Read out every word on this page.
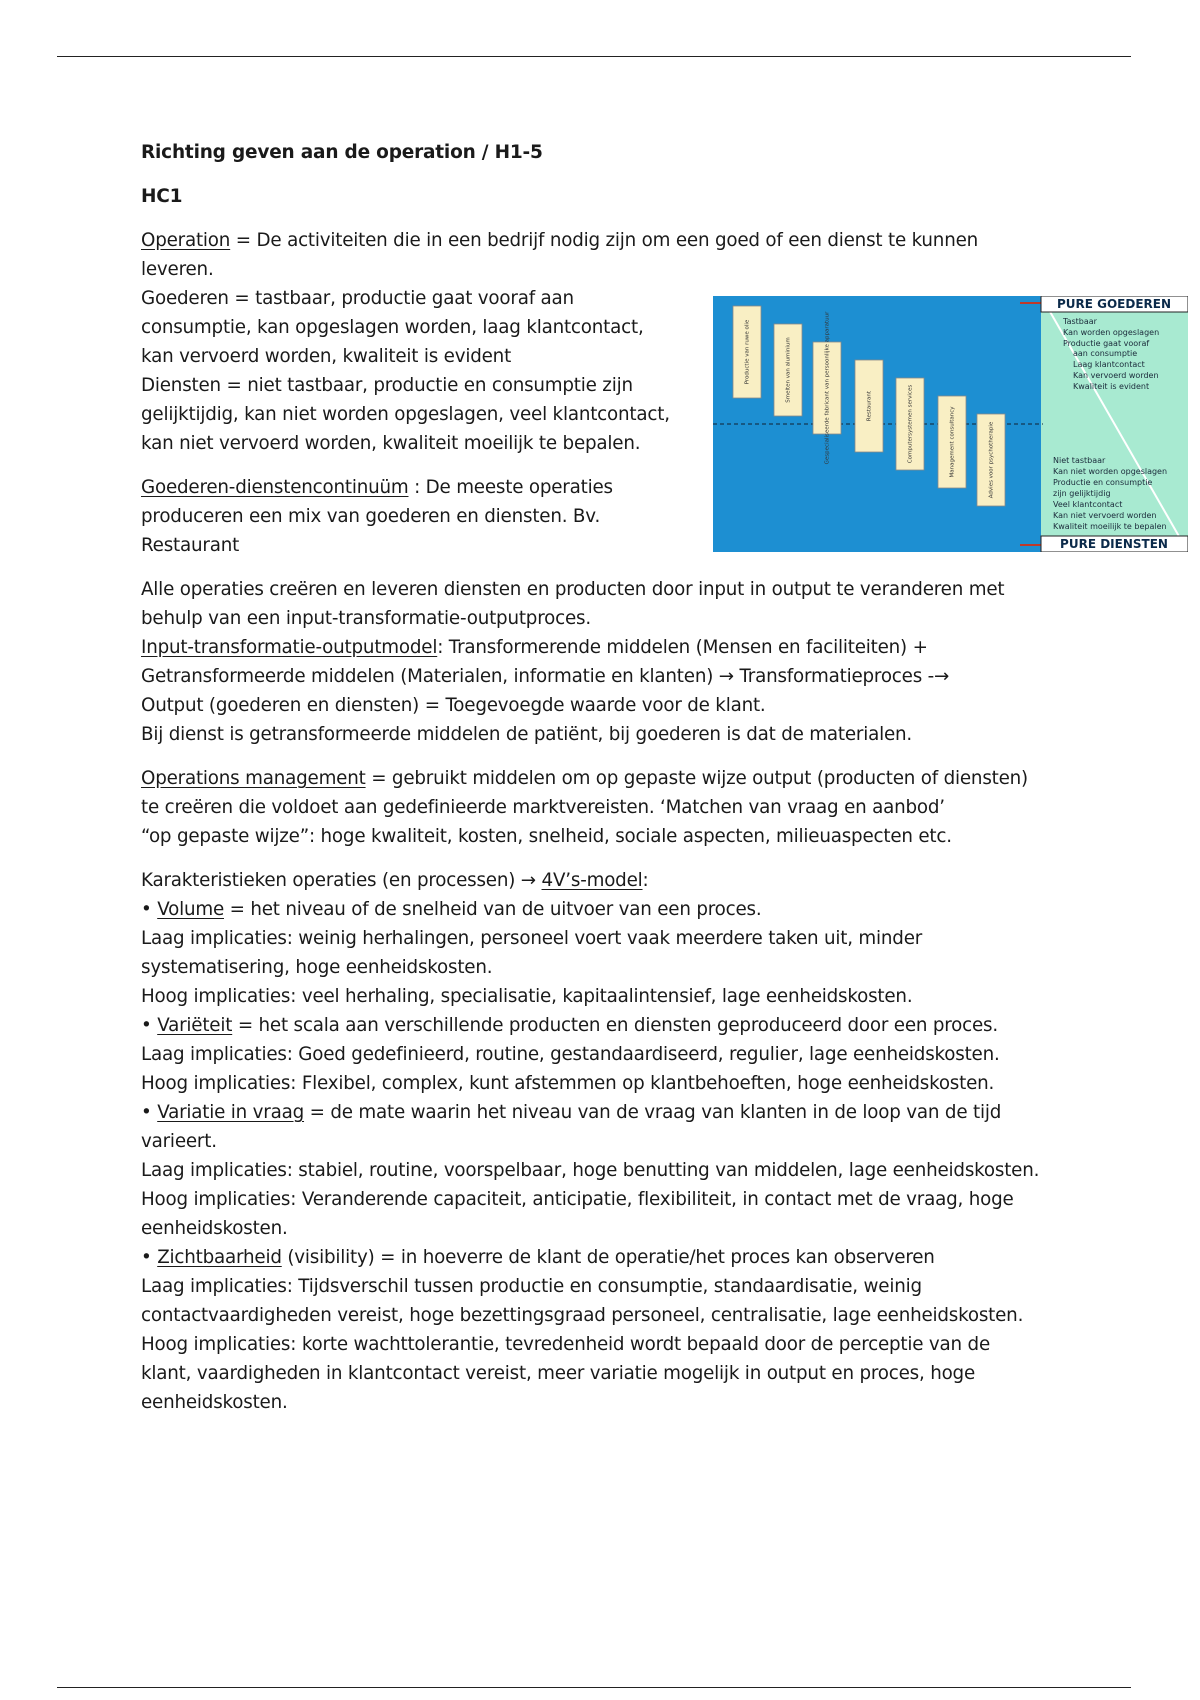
Richting geven aan de operation / H1-5

HC1

Operation = De activiteiten die in een bedrijf nodig zijn om een goed of een dienst te kunnen leveren.

Goederen = tastbaar, productie gaat vooraf aan

consumptie, kan opgeslagen worden, laag klantcontact,

kan vervoerd worden, kwaliteit is evident

Diensten = niet tastbaar, productie en consumptie zijn

gelijktijdig, kan niet worden opgeslagen, veel klantcontact,

kan niet vervoerd worden, kwaliteit moeilijk te bepalen.

Goederen-dienstencontinuüm : De meeste operaties

produceren een mix van goederen en diensten. Bv.

Restaurant

Alle operaties creëren en leveren diensten en producten door input in output te veranderen met behulp van een input-transformatie-outputproces.

Input-transformatie-outputmodel: Transformerende middelen (Mensen en faciliteiten) +

Getransformeerde middelen (Materialen, informatie en klanten) → Transformatieproces -→

Output (goederen en diensten) = Toegevoegde waarde voor de klant.

Bij dienst is getransformeerde middelen de patiënt, bij goederen is dat de materialen.

Operations management = gebruikt middelen om op gepaste wijze output (producten of diensten) te creëren die voldoet aan gedefinieerde marktvereisten. ‘Matchen van vraag en aanbod’

“op gepaste wijze”: hoge kwaliteit, kosten, snelheid, sociale aspecten, milieuaspecten etc.

Karakteristieken operaties (en processen) → 4V’s-model:

• Volume = het niveau of de snelheid van de uitvoer van een proces.

Laag implicaties: weinig herhalingen, personeel voert vaak meerdere taken uit, minder systematisering, hoge eenheidskosten.

Hoog implicaties: veel herhaling, specialisatie, kapitaalintensief, lage eenheidskosten.

• Variëteit = het scala aan verschillende producten en diensten geproduceerd door een proces.

Laag implicaties: Goed gedefinieerd, routine, gestandaardiseerd, regulier, lage eenheidskosten.

Hoog implicaties: Flexibel, complex, kunt afstemmen op klantbehoeften, hoge eenheidskosten.

• Variatie in vraag = de mate waarin het niveau van de vraag van klanten in de loop van de tijd varieert.

Laag implicaties: stabiel, routine, voorspelbaar, hoge benutting van middelen, lage eenheidskosten.

Hoog implicaties: Veranderende capaciteit, anticipatie, flexibiliteit, in contact met de vraag, hoge eenheidskosten.

• Zichtbaarheid (visibility) = in hoeverre de klant de operatie/het proces kan observeren

Laag implicaties: Tijdsverschil tussen productie en consumptie, standaardisatie, weinig contactvaardigheden vereist, hoge bezettingsgraad personeel, centralisatie, lage eenheidskosten.

Hoog implicaties: korte wachttolerantie, tevredenheid wordt bepaald door de perceptie van de klant, vaardigheden in klantcontact vereist, meer variatie mogelijk in output en proces, hoge eenheidskosten.

Productie van ruwe olie	Smelten van aluminium	Gespecialiseerde fabricant van persoonlijke apparatuur	Restaurant	Computersystemen services	Management consultancy	Advies voor psychotherapie
PURE GOEDEREN
PURE DIENSTEN
Tastbaar
Kan worden opgeslagen
Productie gaat vooraf
aan consumptie
Laag klantcontact
Kan vervoerd worden
Kwaliteit is evident
Niet tastbaar
Kan niet worden opgeslagen
Productie en consumptie
zijn gelijktijdig
Veel klantcontact
Kan niet vervoerd worden
Kwaliteit moeilijk te bepalen
